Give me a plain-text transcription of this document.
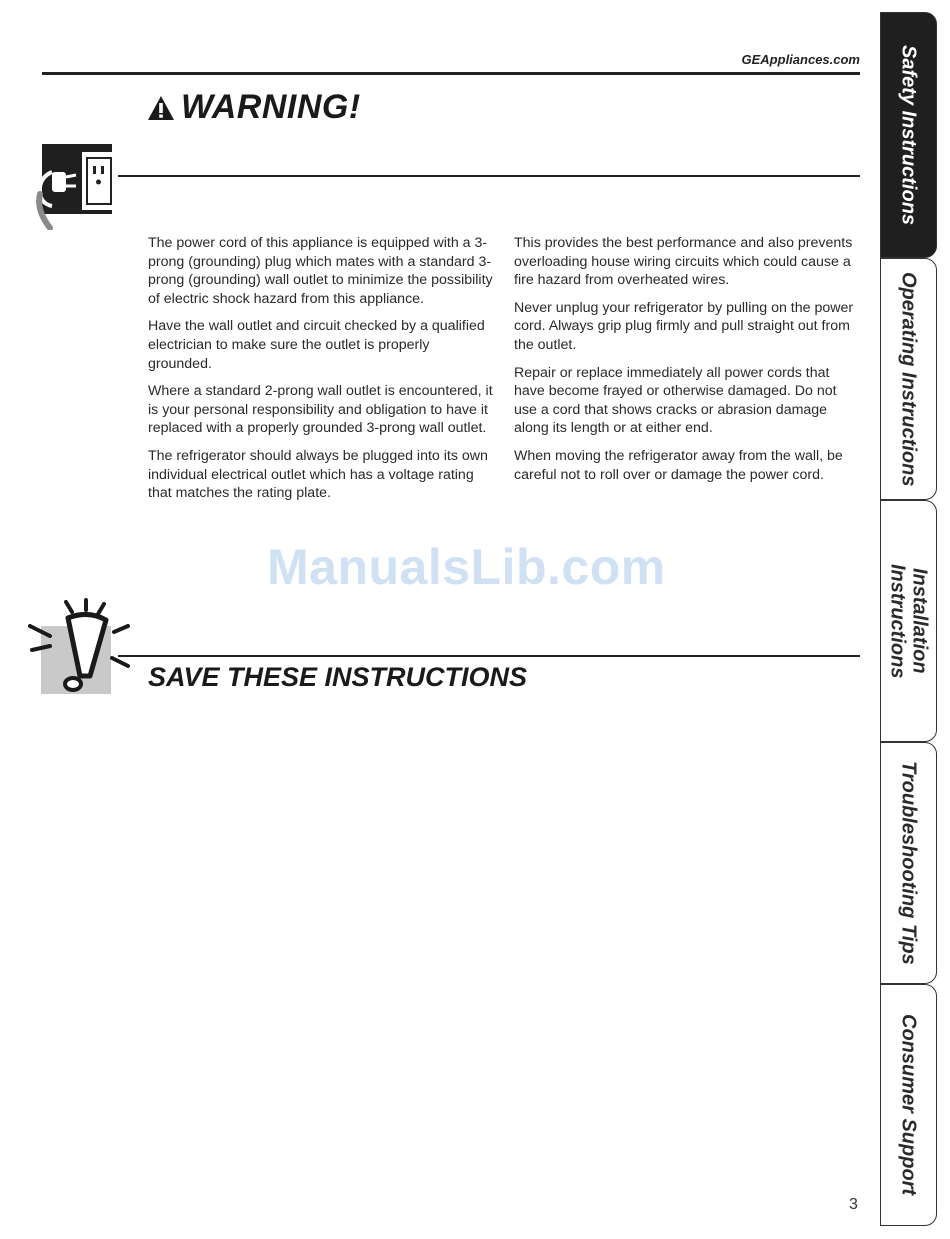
GEAppliances.com
WARNING!

The power cord of this appliance is equipped with a 3-prong (grounding) plug which mates with a standard 3-prong (grounding) wall outlet to minimize the possibility of electric shock hazard from this appliance.

Have the wall outlet and circuit checked by a qualified electrician to make sure the outlet is properly grounded.

Where a standard 2-prong wall outlet is encountered, it is your personal responsibility and obligation to have it replaced with a properly grounded 3-prong wall outlet.

The refrigerator should always be plugged into its own individual electrical outlet which has a voltage rating that matches the rating plate.

This provides the best performance and also prevents overloading house wiring circuits which could cause a fire hazard from overheated wires.

Never unplug your refrigerator by pulling on the power cord. Always grip plug firmly and pull straight out from the outlet.

Repair or replace immediately all power cords that have become frayed or otherwise damaged. Do not use a cord that shows cracks or abrasion damage along its length or at either end.

When moving the refrigerator away from the wall, be careful not to roll over or damage the power cord.

ManualsLib.com
SAVE THESE INSTRUCTIONS
3
Safety Instructions
Operating Instructions
Installation
Instructions
Troubleshooting Tips
Consumer Support
